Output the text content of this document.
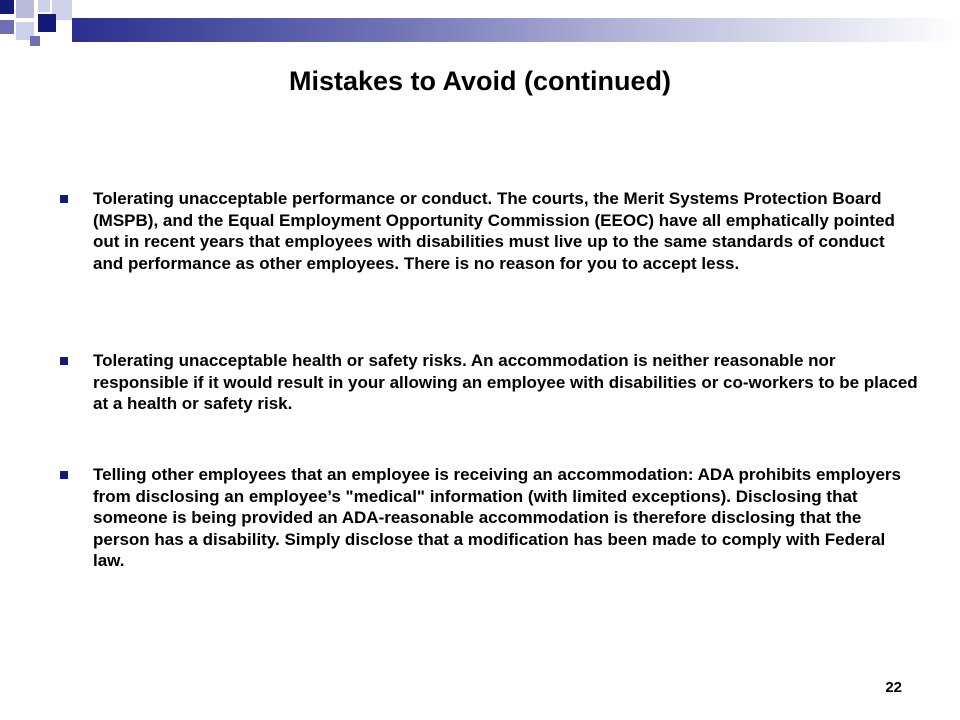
Mistakes to Avoid (continued)
Tolerating unacceptable performance or conduct. The courts, the Merit Systems Protection Board (MSPB), and the Equal Employment Opportunity Commission (EEOC) have all emphatically pointed out in recent years that employees with disabilities must live up to the same standards of conduct and performance as other employees. There is no reason for you to accept less.
Tolerating unacceptable health or safety risks. An accommodation is neither reasonable nor responsible if it would result in your allowing an employee with disabilities or co-workers to be placed at a health or safety risk.
Telling other employees that an employee is receiving an accommodation: ADA prohibits employers from disclosing an employee’s "medical" information (with limited exceptions). Disclosing that someone is being provided an ADA-reasonable accommodation is therefore disclosing that the person has a disability. Simply disclose that a modification has been made to comply with Federal law.
22
